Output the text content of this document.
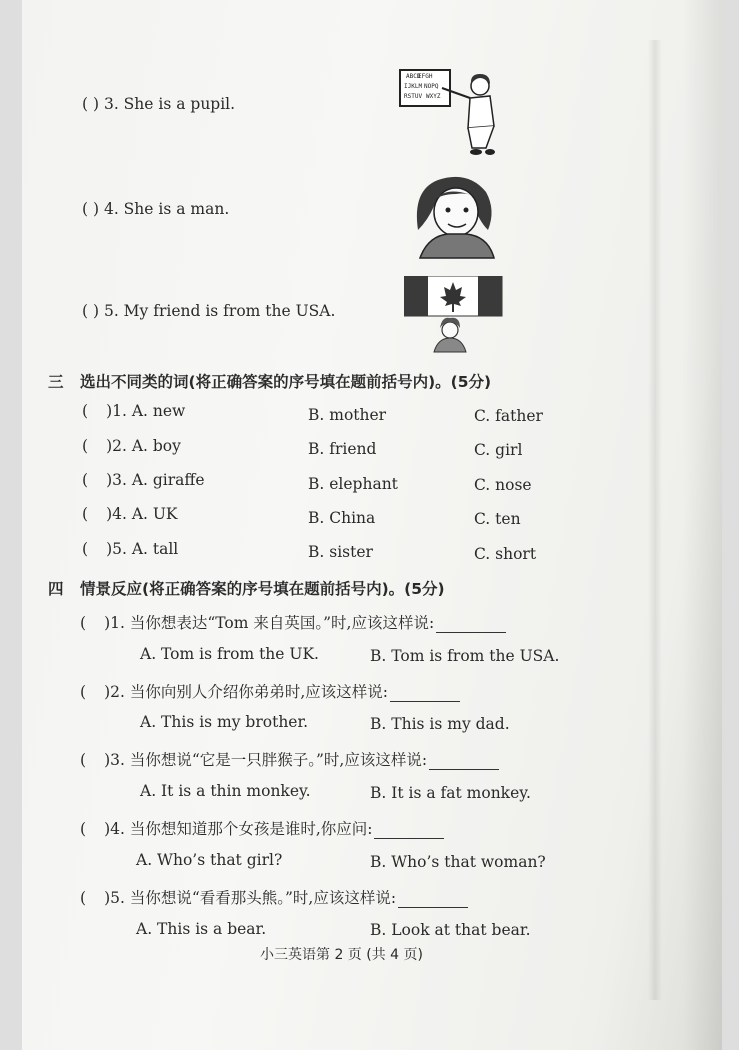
( ) 3. She is a pupil.
( ) 4. She is a man.
( ) 5. My friend is from the USA.
ABCD
EFGH
IJKLM NOPQ
RSTUV WXYZ
三 选出不同类的词(将正确答案的序号填在题前括号内)。(5分)
( )1. A. new	B. mother	C. father
( )2. A. boy	B. friend	C. girl
( )3. A. giraffe	B. elephant	C. nose
( )4. A. UK	B. China	C. ten
( )5. A. tall	B. sister	C. short
四 情景反应(将正确答案的序号填在题前括号内)。(5分)
( )1. 当你想表达“Tom 来自英国。”时,应该这样说:
A. Tom is from the UK.	B. Tom is from the USA.
( )2. 当你向别人介绍你弟弟时,应该这样说:
A. This is my brother.	B. This is my dad.
( )3. 当你想说“它是一只胖猴子。”时,应该这样说:
A. It is a thin monkey.	B. It is a fat monkey.
( )4. 当你想知道那个女孩是谁时,你应问:
A. Who’s that girl?	B. Who’s that woman?
( )5. 当你想说“看看那头熊。”时,应该这样说:
A. This is a bear.	B. Look at that bear.
小三英语第 2 页 (共 4 页)
